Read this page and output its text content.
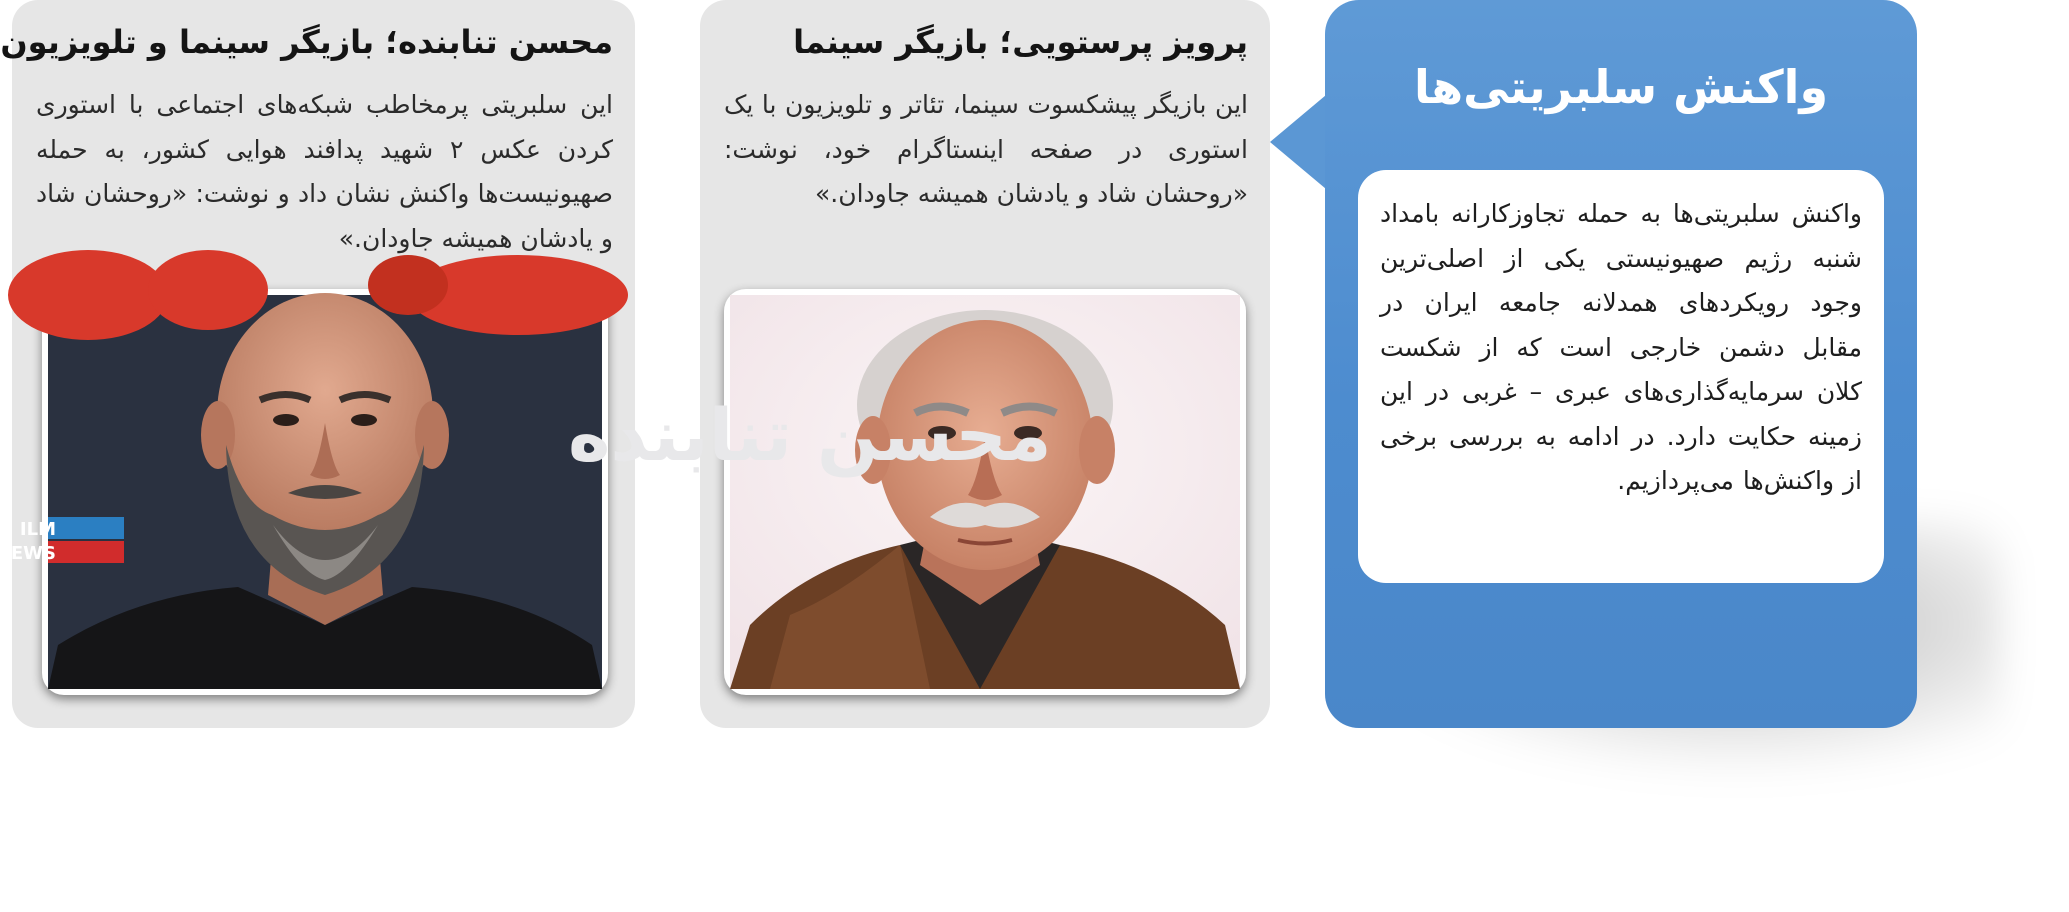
واکنش سلبریتی‌ها
واکنش سلبریتی‌ها به حمله تجاوزکارانه بامداد شنبه رژیم صهیونیستی یکی از اصلی‌ترین وجود رویکردهای همدلانه جامعه ایران در مقابل دشمن خارجی است که از شکست کلان سرمایه‌گذاری‌های عبری – غربی در این زمینه حکایت دارد. در ادامه به بررسی برخی از واکنش‌ها می‌پردازیم.
پرویز پرستویی؛ بازیگر سینما
این بازیگر پیشکسوت سینما، تئاتر و تلویزیون با یک استوری در صفحه اینستاگرام خود، نوشت: «روحشان شاد و یادشان همیشه جاودان.»
محسن تنابنده؛ بازیگر سینما و تلویزیون
این سلبریتی پرمخاطب شبکه‌های اجتماعی با استوری کردن عکس ۲ شهید پدافند هوایی کشور، به حمله صهیونیست‌ها واکنش نشان داد و نوشت: «روحشان شاد و یادشان همیشه جاودان.»
محسن تنابنده
ILM
EWS
